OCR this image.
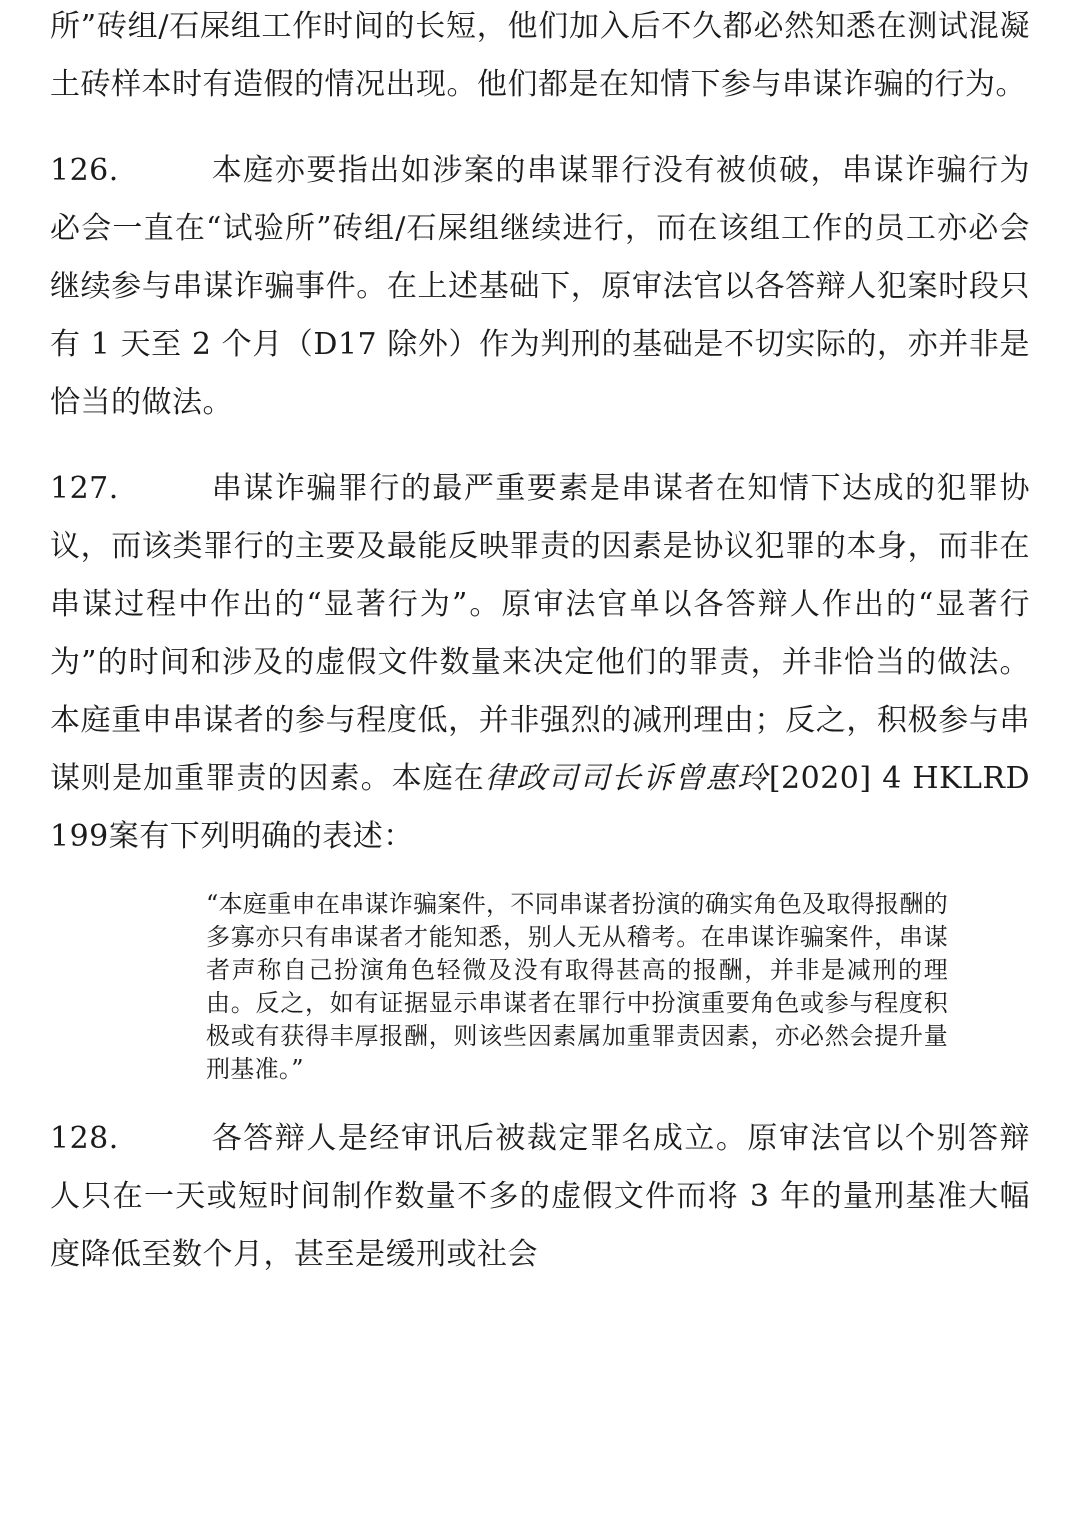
所”砖组/石屎组工作时间的长短，他们加入后不久都必然知悉在测试混凝土砖样本时有造假的情况出现。他们都是在知情下参与串谋诈骗的行为。

126.	本庭亦要指出如涉案的串谋罪行没有被侦破，串谋诈骗行为必会一直在“试验所”砖组/石屎组继续进行，而在该组工作的员工亦必会继续参与串谋诈骗事件。在上述基础下，原审法官以各答辩人犯案时段只有 1 天至 2 个月（D17 除外）作为判刑的基础是不切实际的，亦并非是恰当的做法。

127.	串谋诈骗罪行的最严重要素是串谋者在知情下达成的犯罪协议，而该类罪行的主要及最能反映罪责的因素是协议犯罪的本身，而非在串谋过程中作出的“显著行为”。原审法官单以各答辩人作出的“显著行为”的时间和涉及的虚假文件数量来决定他们的罪责，并非恰当的做法。本庭重申串谋者的参与程度低，并非强烈的减刑理由；反之，积极参与串谋则是加重罪责的因素。本庭在律政司司长诉曾惠玲[2020] 4 HKLRD 199案有下列明确的表述：

“本庭重申在串谋诈骗案件，不同串谋者扮演的确实角色及取得报酬的多寡亦只有串谋者才能知悉，别人无从稽考。在串谋诈骗案件，串谋者声称自己扮演角色轻微及没有取得甚高的报酬，并非是减刑的理由。反之，如有证据显示串谋者在罪行中扮演重要角色或参与程度积极或有获得丰厚报酬，则该些因素属加重罪责因素，亦必然会提升量刑基准。”

128.	各答辩人是经审讯后被裁定罪名成立。原审法官以个别答辩人只在一天或短时间制作数量不多的虚假文件而将 3 年的量刑基准大幅度降低至数个月，甚至是缓刑或社会
